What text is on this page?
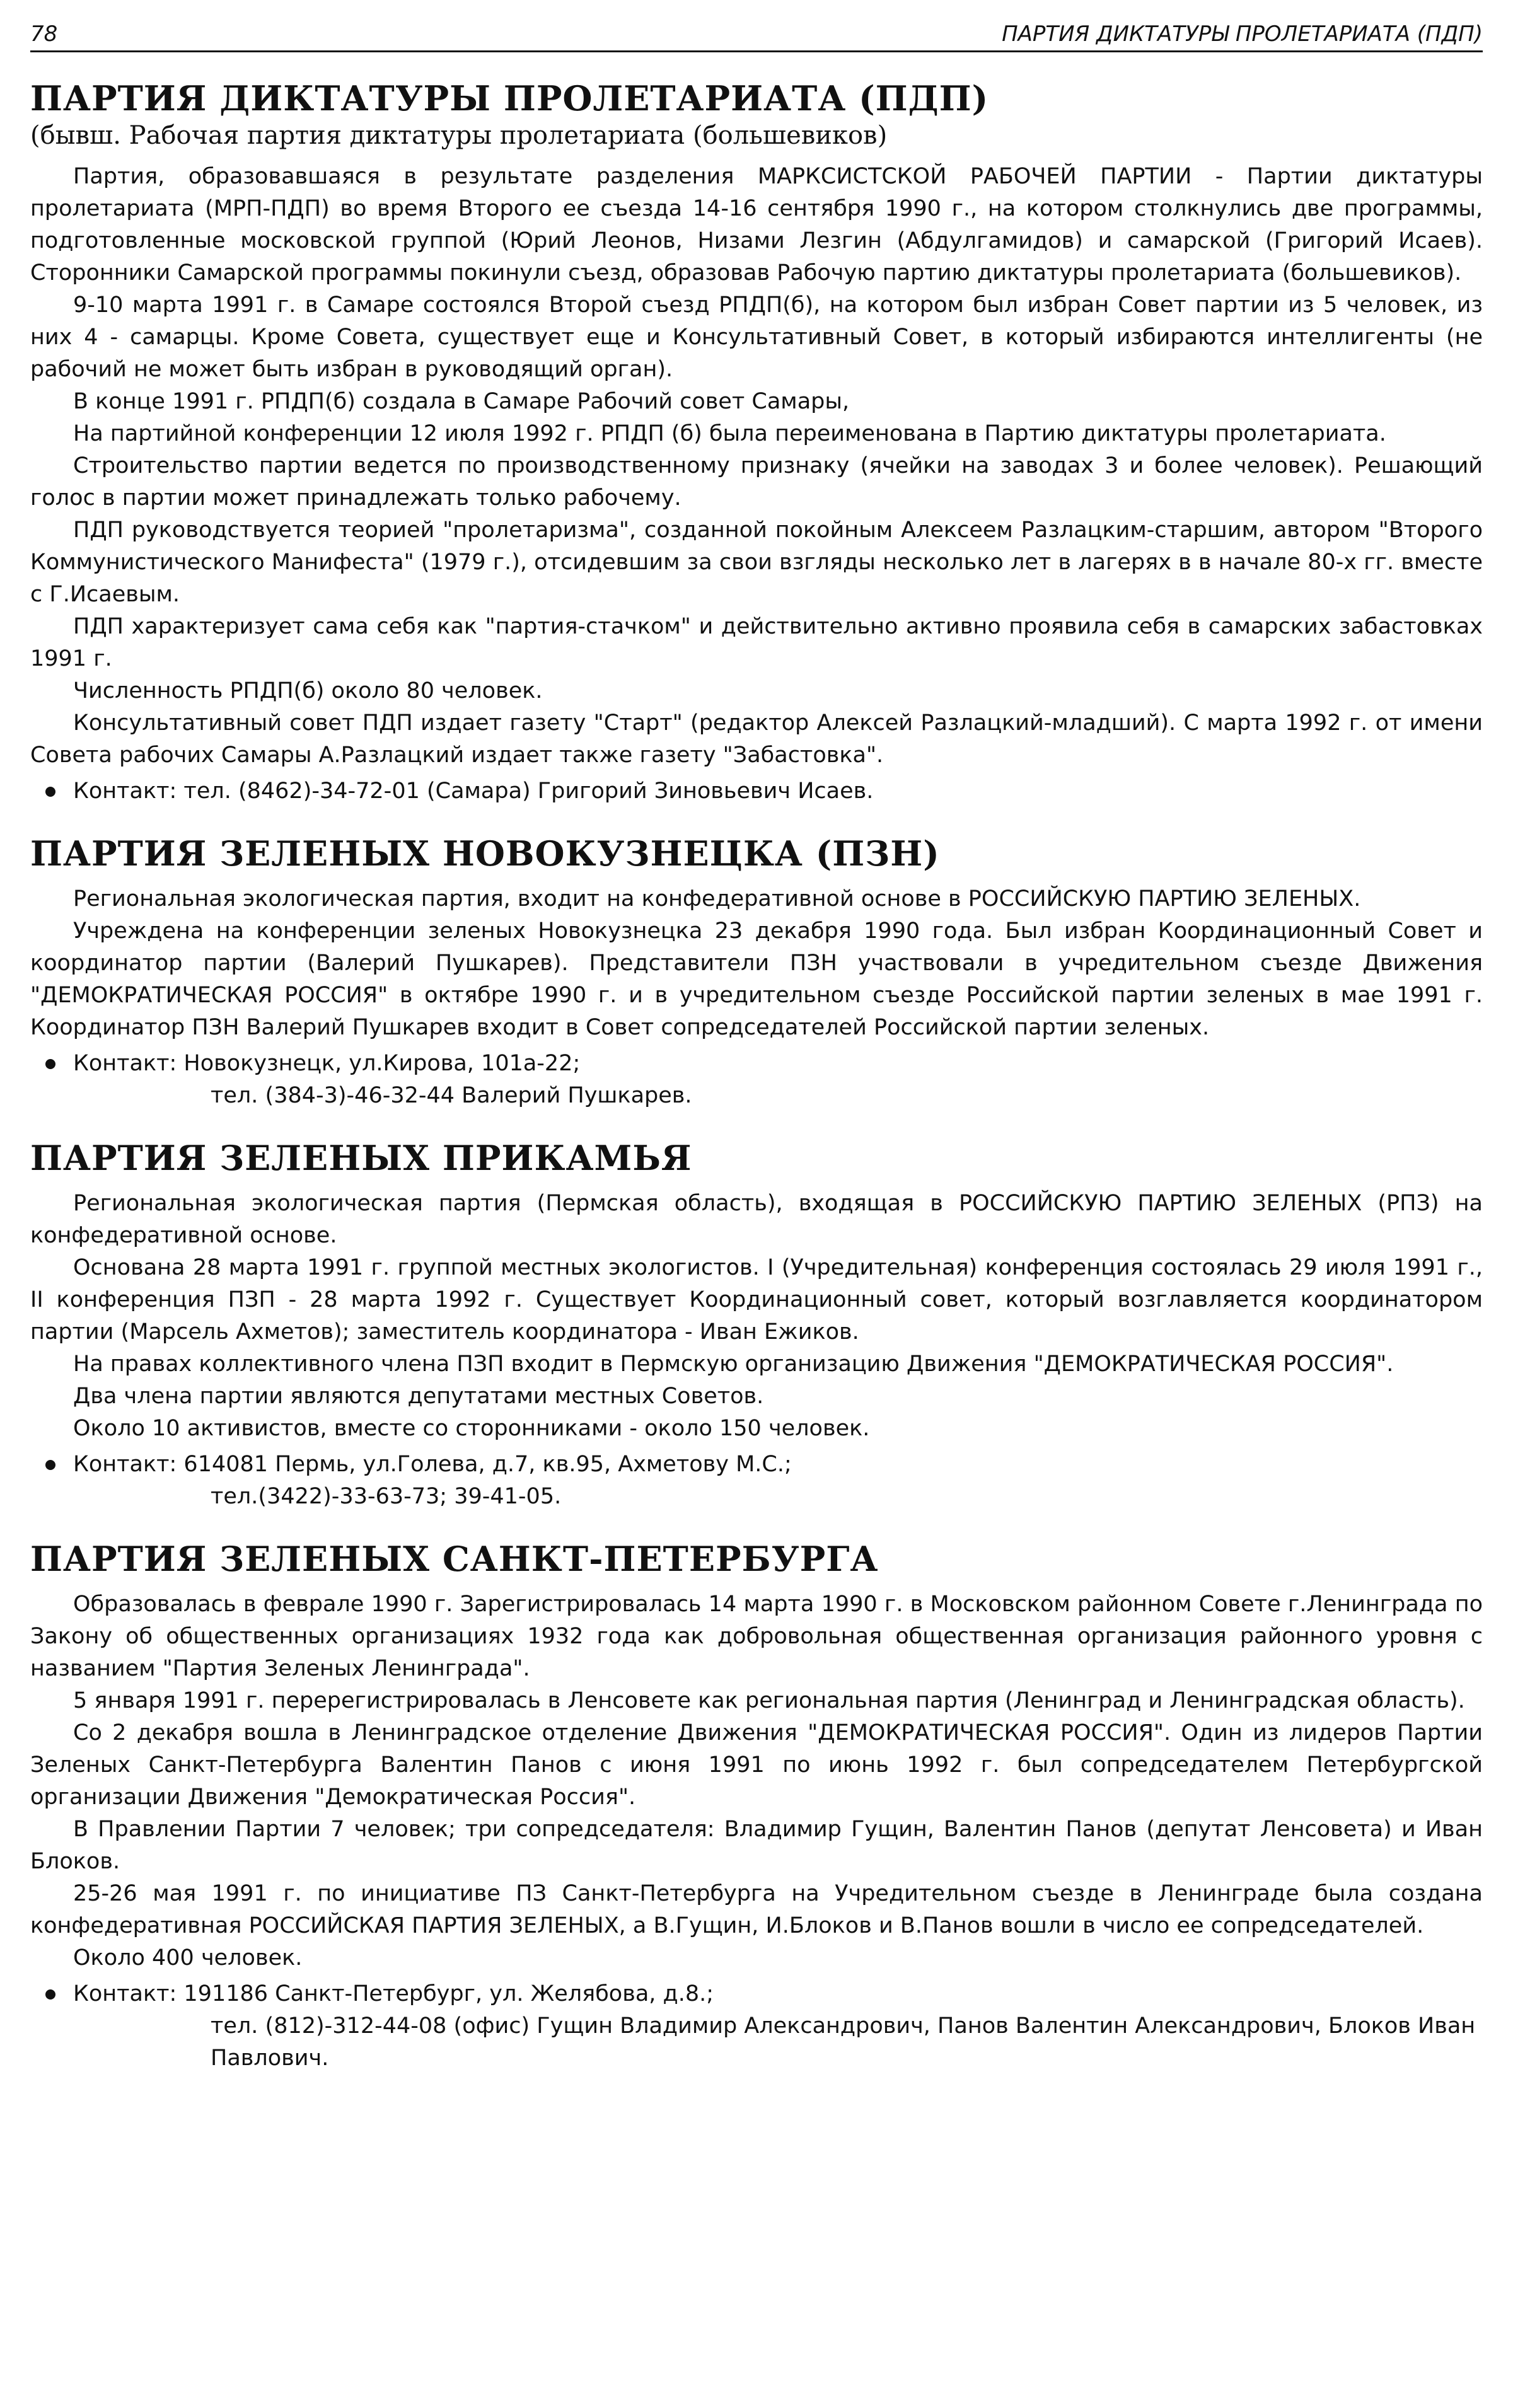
78	ПАРТИЯ ДИКТАТУРЫ ПРОЛЕТАРИАТА (ПДП)
ПАРТИЯ ДИКТАТУРЫ ПРОЛЕТАРИАТА (ПДП)
(бывш. Рабочая партия диктатуры пролетариата (большевиков)

Партия, образовавшаяся в результате разделения МАРКСИСТСКОЙ РАБОЧЕЙ ПАРТИИ - Партии диктатуры пролетариата (МРП-ПДП) во время Второго ее съезда 14-16 сентября 1990 г., на котором столкнулись две программы, подготовленные московской группой (Юрий Леонов, Низами Лезгин (Абдулгамидов) и самарской (Григорий Исаев). Сторонники Самарской программы покинули съезд, образовав Рабочую партию диктатуры пролетариата (большевиков).

9-10 марта 1991 г. в Самаре состоялся Второй съезд РПДП(б), на котором был избран Совет партии из 5 человек, из них 4 - самарцы. Кроме Совета, существует еще и Консультативный Совет, в который избираются интеллигенты (не рабочий не может быть избран в руководящий орган).

В конце 1991 г. РПДП(б) создала в Самаре Рабочий совет Самары,

На партийной конференции 12 июля 1992 г. РПДП (б) была переименована в Партию диктатуры пролетариата.

Строительство партии ведется по производственному признаку (ячейки на заводах 3 и более человек). Решающий голос в партии может принадлежать только рабочему.

ПДП руководствуется теорией "пролетаризма", созданной покойным Алексеем Разлацким-старшим, автором "Второго Коммунистического Манифеста" (1979 г.), отсидевшим за свои взгляды несколько лет в лагерях в в начале 80-х гг. вместе с Г.Исаевым.

ПДП характеризует сама себя как "партия-стачком" и действительно активно проявила себя в самарских забастовках 1991 г.

Численность РПДП(б) около 80 человек.

Консультативный совет ПДП издает газету "Старт" (редактор Алексей Разлацкий-младший). С марта 1992 г. от имени Совета рабочих Самары А.Разлацкий издает также газету "Забастовка".

Контакт: тел. (8462)-34-72-01 (Самара) Григорий Зиновьевич Исаев.
ПАРТИЯ ЗЕЛЕНЫХ НОВОКУЗНЕЦКА (ПЗН)

Региональная экологическая партия, входит на конфедеративной основе в РОССИЙСКУЮ ПАРТИЮ ЗЕЛЕНЫХ.

Учреждена на конференции зеленых Новокузнецка 23 декабря 1990 года. Был избран Координационный Совет и координатор партии (Валерий Пушкарев). Представители ПЗН участвовали в учредительном съезде Движения "ДЕМОКРАТИЧЕСКАЯ РОССИЯ" в октябре 1990 г. и в учредительном съезде Российской партии зеленых в мае 1991 г. Координатор ПЗН Валерий Пушкарев входит в Совет сопредседателей Российской партии зеленых.

Контакт: Новокузнецк, ул.Кирова, 101а-22;
тел. (384-3)-46-32-44 Валерий Пушкарев.
ПАРТИЯ ЗЕЛЕНЫХ ПРИКАМЬЯ

Региональная экологическая партия (Пермская область), входящая в РОССИЙСКУЮ ПАРТИЮ ЗЕЛЕНЫХ (РПЗ) на конфедеративной основе.

Основана 28 марта 1991 г. группой местных экологистов. I (Учредительная) конференция состоялась 29 июля 1991 г., II конференция ПЗП - 28 марта 1992 г. Существует Координационный совет, который возглавляется координатором партии (Марсель Ахметов); заместитель координатора - Иван Ежиков.

На правах коллективного члена ПЗП входит в Пермскую организацию Движения "ДЕМОКРАТИЧЕСКАЯ РОССИЯ".

Два члена партии являются депутатами местных Советов.

Около 10 активистов, вместе со сторонниками - около 150 человек.

Контакт: 614081 Пермь, ул.Голева, д.7, кв.95, Ахметову М.С.;
тел.(3422)-33-63-73; 39-41-05.
ПАРТИЯ ЗЕЛЕНЫХ САНКТ-ПЕТЕРБУРГА

Образовалась в феврале 1990 г. Зарегистрировалась 14 марта 1990 г. в Московском районном Совете г.Ленинграда по Закону об общественных организациях 1932 года как добровольная общественная организация районного уровня с названием "Партия Зеленых Ленинграда".

5 января 1991 г. перерегистрировалась в Ленсовете как региональная партия (Ленинград и Ленинградская область).

Со 2 декабря вошла в Ленинградское отделение Движения "ДЕМОКРАТИЧЕСКАЯ РОССИЯ". Один из лидеров Партии Зеленых Санкт-Петербурга Валентин Панов с июня 1991 по июнь 1992 г. был сопредседателем Петербургской организации Движения "Демократическая Россия".

В Правлении Партии 7 человек; три сопредседателя: Владимир Гущин, Валентин Панов (депутат Ленсовета) и Иван Блоков.

25-26 мая 1991 г. по инициативе ПЗ Санкт-Петербурга на Учредительном съезде в Ленинграде была создана конфедеративная РОССИЙСКАЯ ПАРТИЯ ЗЕЛЕНЫХ, а В.Гущин, И.Блоков и В.Панов вошли в число ее сопредседателей.

Около 400 человек.

Контакт: 191186 Санкт-Петербург, ул. Желябова, д.8.;
тел. (812)-312-44-08 (офис) Гущин Владимир Александрович, Панов Валентин Александрович, Блоков Иван Павлович.
